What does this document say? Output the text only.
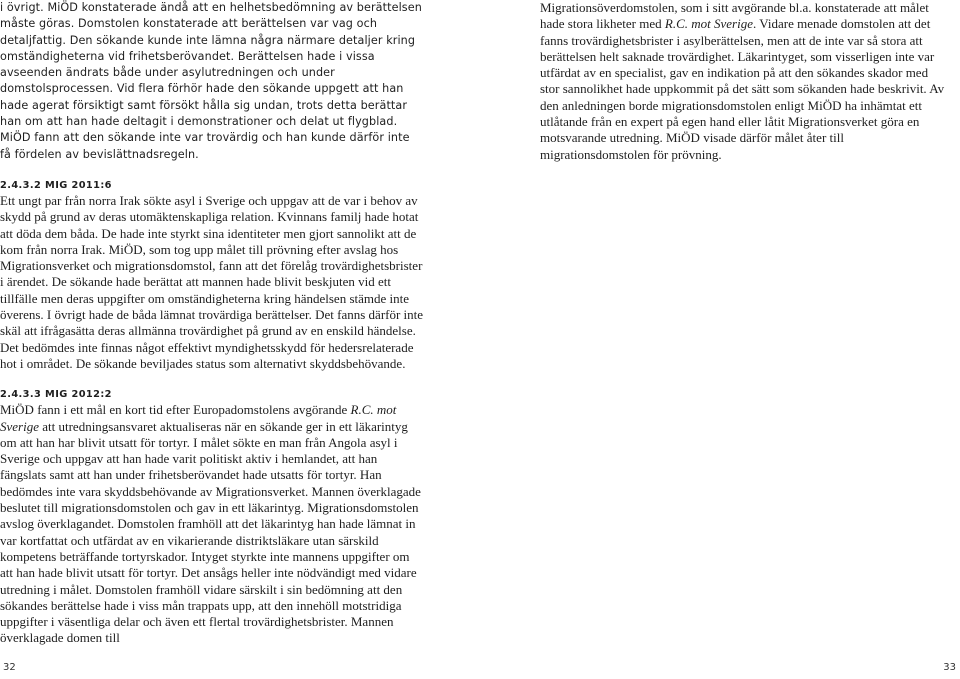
i övrigt. MiÖD konstaterade ändå att en helhetsbedömning av berättelsen måste göras. Domstolen konstaterade att berättelsen var vag och detaljfattig. Den sökande kunde inte lämna några närmare detaljer kring omständigheterna vid frihetsberövandet. Berättelsen hade i vissa avseenden ändrats både under asylutredningen och under domstolsprocessen. Vid flera förhör hade den sökande uppgett att han hade agerat försiktigt samt försökt hålla sig undan, trots detta berättar han om att han hade deltagit i demonstrationer och delat ut flygblad. MiÖD fann att den sökande inte var trovärdig och han kunde därför inte få fördelen av bevislättnadsregeln.

2.4.3.2 MIG 2011:6

Ett ungt par från norra Irak sökte asyl i Sverige och uppgav att de var i behov av skydd på grund av deras utomäktenskapliga relation. Kvinnans familj hade hotat att döda dem båda. De hade inte styrkt sina identiteter men gjort sannolikt att de kom från norra Irak. MiÖD, som tog upp målet till prövning efter avslag hos Migrationsverket och migrationsdomstol, fann att det förelåg trovärdighetsbrister i ärendet. De sökande hade berättat att mannen hade blivit beskjuten vid ett tillfälle men deras uppgifter om omständigheterna kring händelsen stämde inte överens. I övrigt hade de båda lämnat trovärdiga berättelser. Det fanns därför inte skäl att ifrågasätta deras allmänna trovärdighet på grund av en enskild händelse. Det bedömdes inte finnas något effektivt myndighetsskydd för hedersrelaterade hot i området. De sökande beviljades status som alternativt skyddsbehövande.

2.4.3.3 MIG 2012:2

MiÖD fann i ett mål en kort tid efter Europadomstolens avgörande R.C. mot Sverige att utredningsansvaret aktualiseras när en sökande ger in ett läkarintyg om att han har blivit utsatt för tortyr. I målet sökte en man från Angola asyl i Sverige och uppgav att han hade varit politiskt aktiv i hemlandet, att han fängslats samt att han under frihetsberövandet hade utsatts för tortyr. Han bedömdes inte vara skyddsbehövande av Migrationsverket. Mannen överklagade beslutet till migrationsdomstolen och gav in ett läkarintyg. Migrationsdomstolen avslog överklagandet. Domstolen framhöll att det läkarintyg han hade lämnat in var kortfattat och utfärdat av en vikarierande distriktsläkare utan särskild kompetens beträffande tortyrskador. Intyget styrkte inte mannens uppgifter om att han hade blivit utsatt för tortyr. Det ansågs heller inte nödvändigt med vidare utredning i målet. Domstolen framhöll vidare särskilt i sin bedömning att den sökandes berättelse hade i viss mån trappats upp, att den innehöll motstridiga uppgifter i väsentliga delar och även ett flertal trovärdighetsbrister. Mannen överklagade domen till

Migrationsöverdomstolen, som i sitt avgörande bl.a. konstaterade att målet hade stora likheter med R.C. mot Sverige. Vidare menade domstolen att det fanns trovärdighetsbrister i asylberättelsen, men att de inte var så stora att berättelsen helt saknade trovärdighet. Läkarintyget, som visserligen inte var utfärdat av en specialist, gav en indikation på att den sökandes skador med stor sannolikhet hade uppkommit på det sätt som sökanden hade beskrivit. Av den anledningen borde migrationsdomstolen enligt MiÖD ha inhämtat ett utlåtande från en expert på egen hand eller låtit Migrationsverket göra en motsvarande utredning. MiÖD visade därför målet åter till migrationsdomstolen för prövning.

32	33
